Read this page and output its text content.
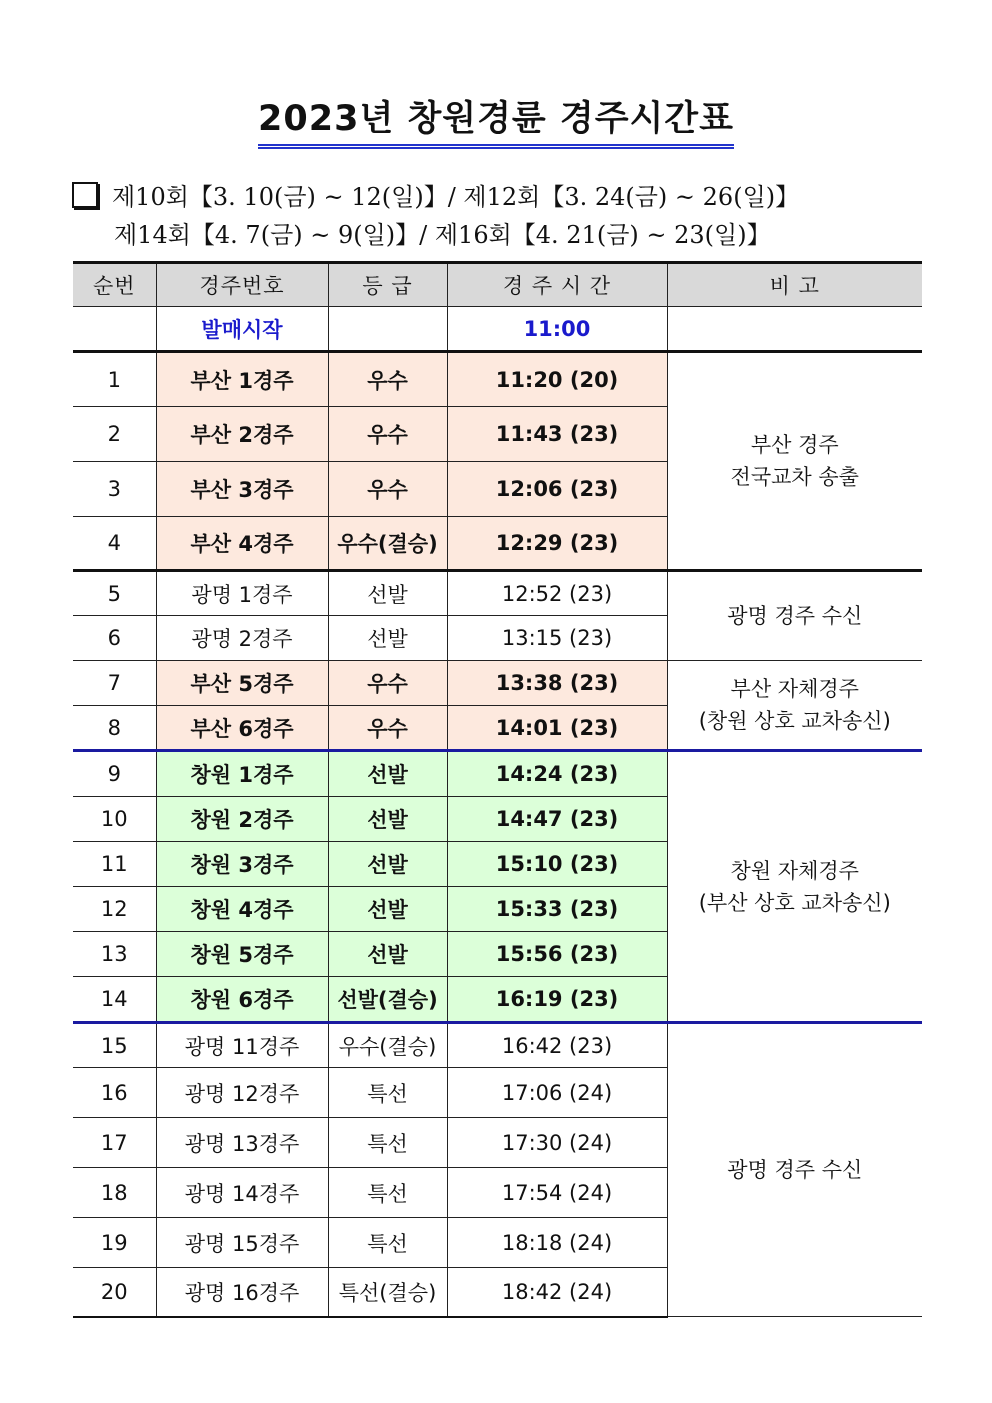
2023년 창원경륜 경주시간표
제10회【3. 10(금) ~ 12(일)】/ 제12회【3. 24(금) ~ 26(일)】
제14회【4. 7(금) ~ 9(일)】/ 제16회【4. 21(금) ~ 23(일)】
순번	경주번호	등 급	경 주 시 간	비 고
	발매시작		11:00	
1	부산 1경주	우수	11:20 (20)	부산 경주
전국교차 송출

2	부산 2경주	우수	11:43 (23)	
3	부산 3경주	우수	12:06 (23)	
4	부산 4경주	우수(결승)	12:29 (23)	
5	광명 1경주	선발	12:52 (23)	광명 경주 수신
6	광명 2경주	선발	13:15 (23)	
7	부산 5경주	우수	13:38 (23)	부산 자체경주
(창원 상호 교차송신)

8	부산 6경주	우수	14:01 (23)	
9	창원 1경주	선발	14:24 (23)	창원 자체경주
(부산 상호 교차송신)

10	창원 2경주	선발	14:47 (23)	
11	창원 3경주	선발	15:10 (23)	
12	창원 4경주	선발	15:33 (23)	
13	창원 5경주	선발	15:56 (23)	
14	창원 6경주	선발(결승)	16:19 (23)	
15	광명 11경주	우수(결승)	16:42 (23)	광명 경주 수신
16	광명 12경주	특선	17:06 (24)	
17	광명 13경주	특선	17:30 (24)	
18	광명 14경주	특선	17:54 (24)	
19	광명 15경주	특선	18:18 (24)	
20	광명 16경주	특선(결승)	18:42 (24)	
